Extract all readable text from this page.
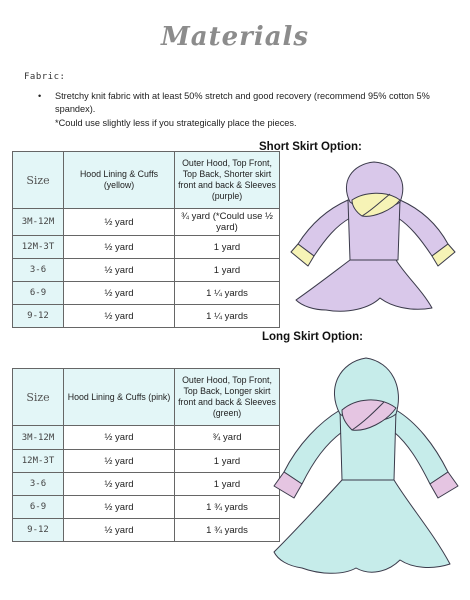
Materials
Fabric:
• Stretchy knit fabric with at least 50% stretch and good recovery (recommend 95% cotton 5% spandex).
*Could use slightly less if you strategically place the pieces.
Size	Hood Lining & Cuffs (yellow)	Outer Hood, Top Front, Top Back, Shorter skirt front and back & Sleeves (purple)
3M-12M	½ yard	¾ yard (*Could use ½ yard)
12M-3T	½ yard	1 yard
3-6	½ yard	1 yard
6-9	½ yard	1 ¼ yards
9-12	½ yard	1 ¼ yards
Short Skirt Option:
Size	Hood Lining & Cuffs (pink)	Outer Hood, Top Front, Top Back, Longer skirt front and back & Sleeves (green)
3M-12M	½ yard	¾ yard
12M-3T	½ yard	1 yard
3-6	½ yard	1 yard
6-9	½ yard	1 ¾ yards
9-12	½ yard	1 ¾ yards
Long Skirt Option:
